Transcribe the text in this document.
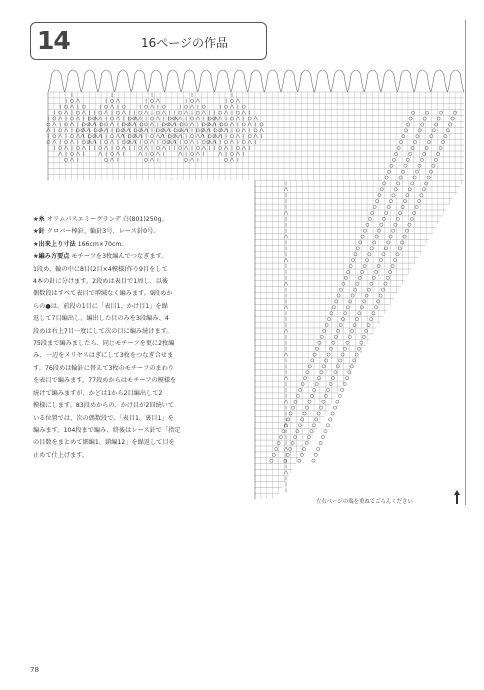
14	16ページの作品
★糸 オリムパスエミーグランデ 白(801)250g。
★針 クロバー棒針、輪針3号、レース針0号。
★出来上り寸法 166cm×70cm。
★編み方要点 モチーフを3枚編んでつなぎます。
1段め、輪の中に8目(2目×4模様)作り9目をして
4本の針に分けます。2段めは表目で1周し、以後
偶数段はすべて表目で増減なく編みます。9段めか
らの●は、前段の1目に「表目1、かけ目1」を繰
返して7目編出し、編出した目のみを3段編み、4
段めは右上7目一度にして次の目に編み続けます。
75段まで編みましたら、同じモチーフを更に2枚編
み、一辺をメリヤスはぎにして3枚をつなぎ合せま
す。76段めは輪針に替えて3枚のモチーフのまわり
を表目で編みます。77段めからはモチーフの模様を
続けて編みますが、かどは1から2目編出して2
模様にします。83段めからの、かけ目が2回続いて
いる位置では、次の偶数段で、「表目1、裏目1」を
編みます。104段まで編み、終後はレース針で「指定
の目数をまとめて細編1、鎖編12」を繰返して目を
止めて仕上げます。
左右ページの端を重ねてごらんください
78
